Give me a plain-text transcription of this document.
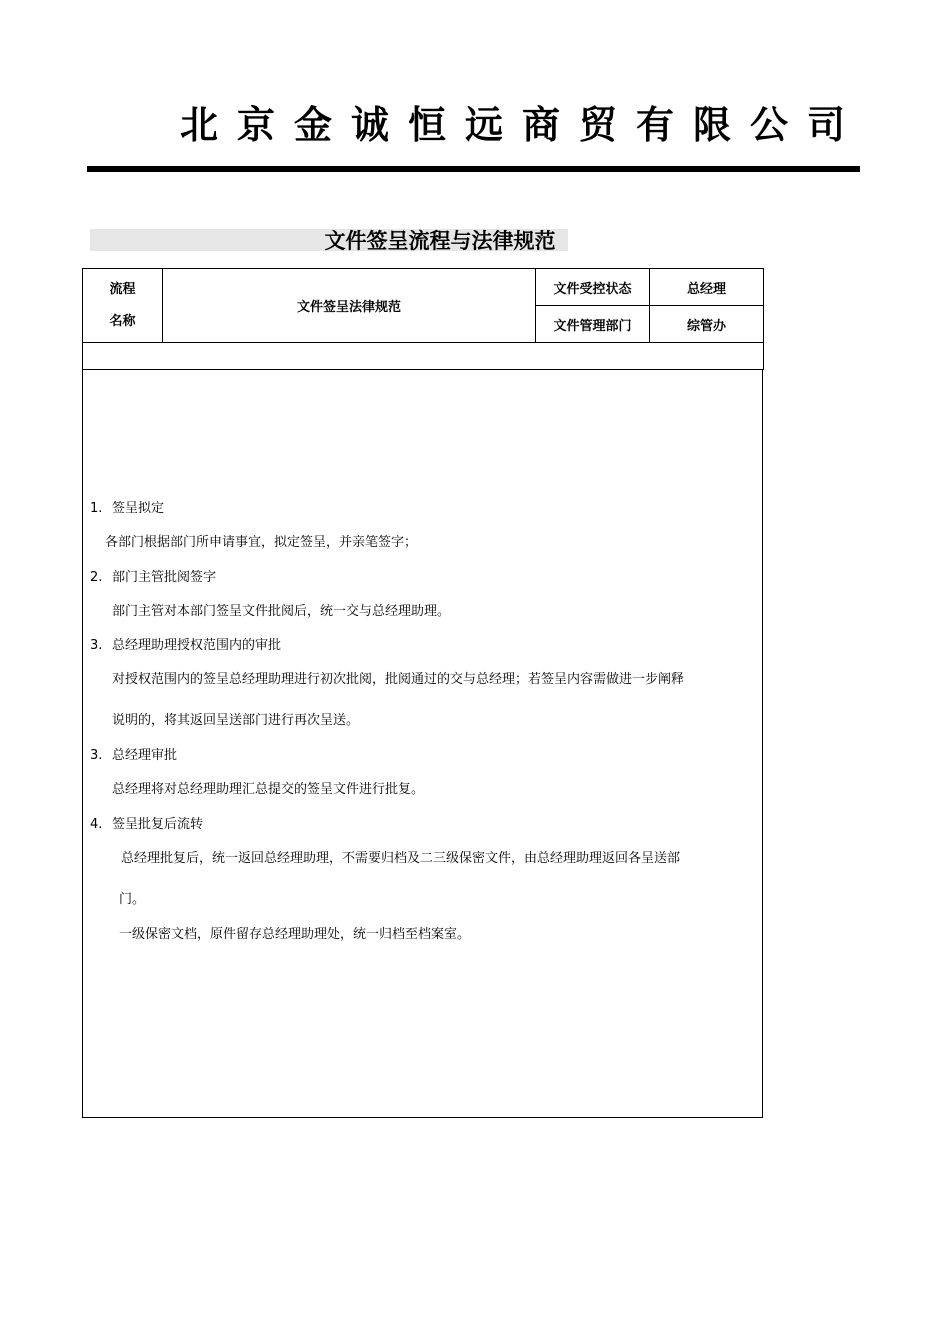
北京金诚恒远商贸有限公司
文件签呈流程与法律规范
流程
名称	文件签呈法律规范	文件受控状态	总经理
		文件管理部门	综管办

1. 签呈拟定
各部门根据部门所申请事宜，拟定签呈，并亲笔签字；
2. 部门主管批阅签字
部门主管对本部门签呈文件批阅后，统一交与总经理助理。
3. 总经理助理授权范围内的审批
对授权范围内的签呈总经理助理进行初次批阅，批阅通过的交与总经理；若签呈内容需做进一步阐释
说明的，将其返回呈送部门进行再次呈送。
3. 总经理审批
总经理将对总经理助理汇总提交的签呈文件进行批复。
4. 签呈批复后流转
总经理批复后，统一返回总经理助理，不需要归档及二三级保密文件，由总经理助理返回各呈送部
门。
一级保密文档，原件留存总经理助理处，统一归档至档案室。
